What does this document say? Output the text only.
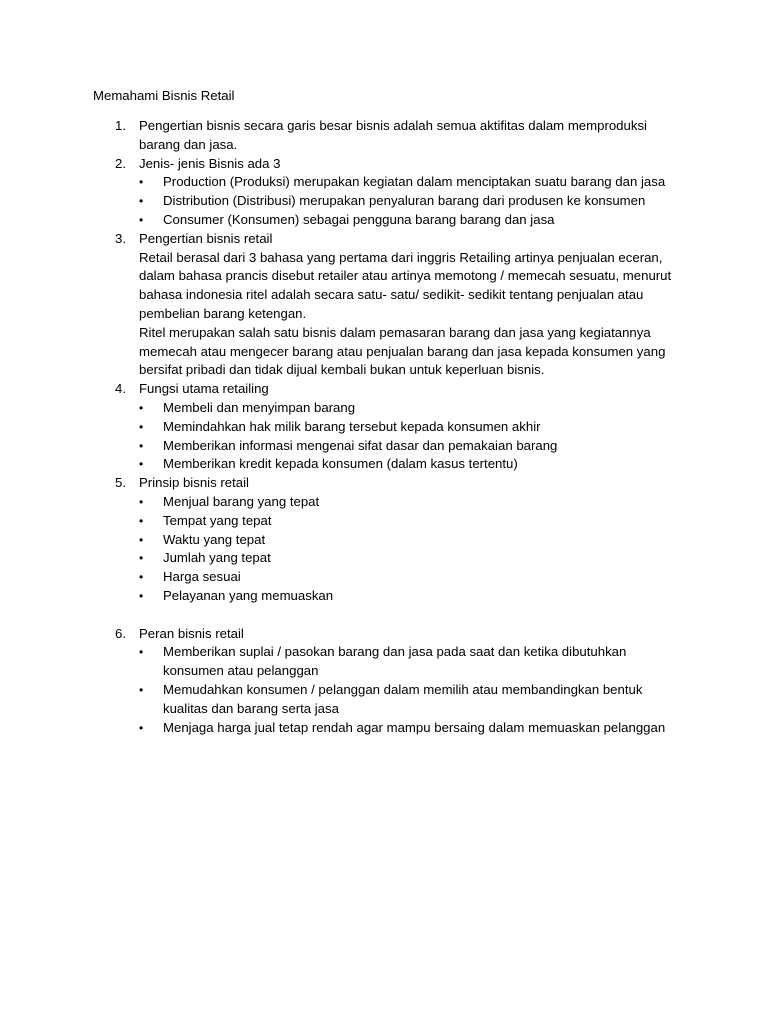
Memahami Bisnis Retail
1. Pengertian bisnis secara garis besar bisnis adalah semua aktifitas dalam memproduksi
barang dan jasa.
2. Jenis- jenis Bisnis ada 3
•	Production (Produksi) merupakan kegiatan dalam menciptakan suatu barang dan jasa
•	Distribution (Distribusi) merupakan penyaluran barang dari produsen ke konsumen
•	Consumer (Konsumen) sebagai pengguna barang barang dan jasa
3. Pengertian bisnis retail
Retail berasal dari 3 bahasa yang pertama dari inggris Retailing artinya penjualan eceran,
dalam bahasa prancis disebut retailer atau artinya memotong / memecah sesuatu, menurut
bahasa indonesia ritel adalah secara satu- satu/ sedikit- sedikit tentang penjualan atau
pembelian barang ketengan.
Ritel merupakan salah satu bisnis dalam pemasaran barang dan jasa yang kegiatannya
memecah atau mengecer barang atau penjualan barang dan jasa kepada konsumen yang
bersifat pribadi dan tidak dijual kembali bukan untuk keperluan bisnis.
4. Fungsi utama retailing
•	Membeli dan menyimpan barang
•	Memindahkan hak milik barang tersebut kepada konsumen akhir
•	Memberikan informasi mengenai sifat dasar dan pemakaian barang
•	Memberikan kredit kepada konsumen (dalam kasus tertentu)
5. Prinsip bisnis retail
•	Menjual barang yang tepat
•	Tempat yang tepat
•	Waktu yang tepat
•	Jumlah yang tepat
•	Harga sesuai
•	Pelayanan yang memuaskan
6. Peran bisnis retail
•	Memberikan suplai / pasokan barang dan jasa pada saat dan ketika dibutuhkan
konsumen atau pelanggan
•	Memudahkan konsumen / pelanggan dalam memilih atau membandingkan bentuk
kualitas dan barang serta jasa
•	Menjaga harga jual tetap rendah agar mampu bersaing dalam memuaskan pelanggan
